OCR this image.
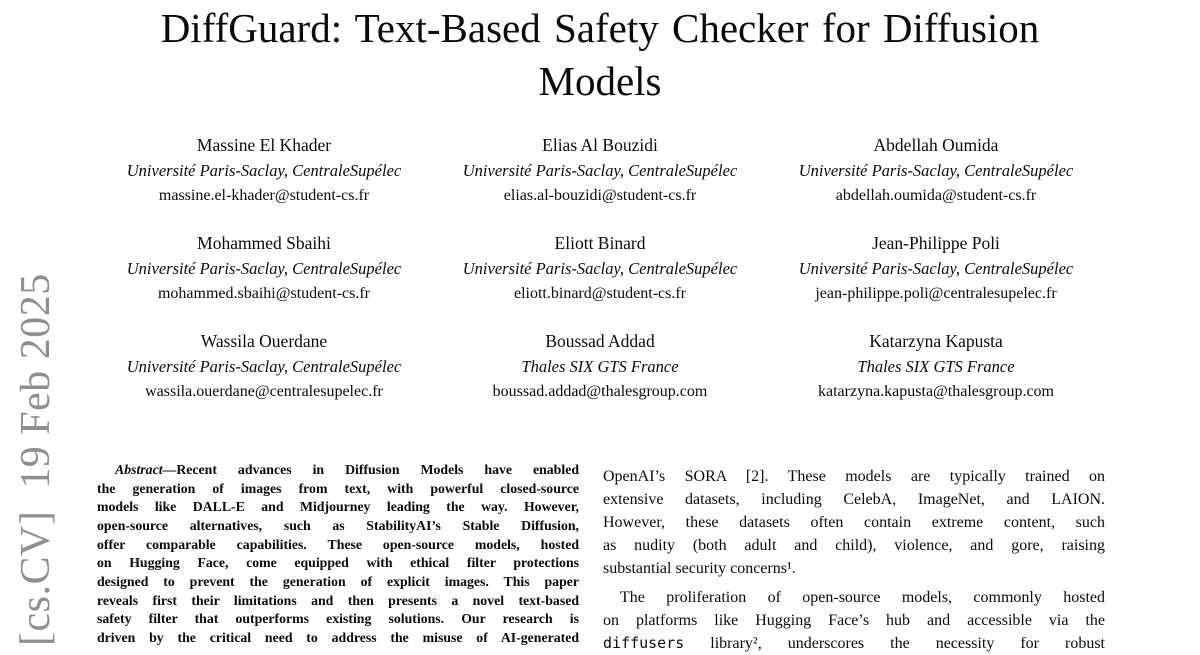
[cs.CV]  19 Feb 2025
DiffGuard: Text-Based Safety Checker for Diffusion
Models
Massine El Khader
Université Paris-Saclay, CentraleSupélec
massine.el-khader@student-cs.fr
Elias Al Bouzidi
Université Paris-Saclay, CentraleSupélec
elias.al-bouzidi@student-cs.fr
Abdellah Oumida
Université Paris-Saclay, CentraleSupélec
abdellah.oumida@student-cs.fr
Mohammed Sbaihi
Université Paris-Saclay, CentraleSupélec
mohammed.sbaihi@student-cs.fr
Eliott Binard
Université Paris-Saclay, CentraleSupélec
eliott.binard@student-cs.fr
Jean-Philippe Poli
Université Paris-Saclay, CentraleSupélec
jean-philippe.poli@centralesupelec.fr
Wassila Ouerdane
Université Paris-Saclay, CentraleSupélec
wassila.ouerdane@centralesupelec.fr
Boussad Addad
Thales SIX GTS France
boussad.addad@thalesgroup.com
Katarzyna Kapusta
Thales SIX GTS France
katarzyna.kapusta@thalesgroup.com
Abstract—Recent advances in Diffusion Models have enabled
the generation of images from text, with powerful closed-source
models like DALL-E and Midjourney leading the way. However,
open-source alternatives, such as StabilityAI’s Stable Diffusion,
offer comparable capabilities. These open-source models, hosted
on Hugging Face, come equipped with ethical filter protections
designed to prevent the generation of explicit images. This paper
reveals first their limitations and then presents a novel text-based
safety filter that outperforms existing solutions. Our research is
driven by the critical need to address the misuse of AI-generated
OpenAI’s SORA [2]. These models are typically trained on
extensive datasets, including CelebA, ImageNet, and LAION.
However, these datasets often contain extreme content, such
as nudity (both adult and child), violence, and gore, raising
substantial security concerns¹.
The proliferation of open-source models, commonly hosted
on platforms like Hugging Face’s hub and accessible via the
diffusers library², underscores the necessity for robust
